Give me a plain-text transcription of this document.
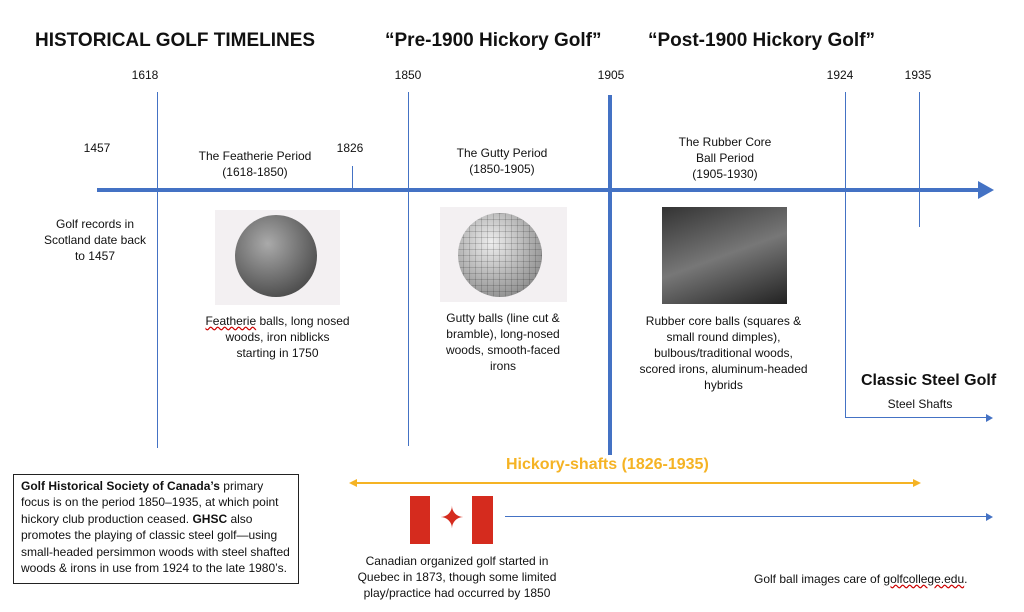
HISTORICAL GOLF TIMELINES	“Pre-1900 Hickory Golf” “Post-1900 Hickory Golf”
1618	1850	1905	1924	1935
1457	1826
Golf records in Scotland date back to 1457
The Featherie Period
(1618-1850)
The Gutty Period
(1850-1905)
The Rubber Core Ball Period
(1905-1930)
Featherie balls, long nosed woods, iron niblicks starting in 1750
Gutty balls (line cut & bramble), long-nosed woods, smooth-faced irons
Rubber core balls (squares & small round dimples), bulbous/traditional woods, scored irons, aluminum-headed hybrids	Classic Steel Golf
Steel Shafts
Hickory-shafts (1826-1935)
✦
Canadian organized golf started in Quebec in 1873, though some limited play/practice had occurred by 1850
Golf Historical Society of Canada’s primary focus is on the period 1850–1935, at which point hickory club production ceased. GHSC also promotes the playing of classic steel golf—using small-headed persimmon woods with steel shafted woods & irons in use from 1924 to the late 1980’s.
Golf ball images care of golfcollege.edu.
